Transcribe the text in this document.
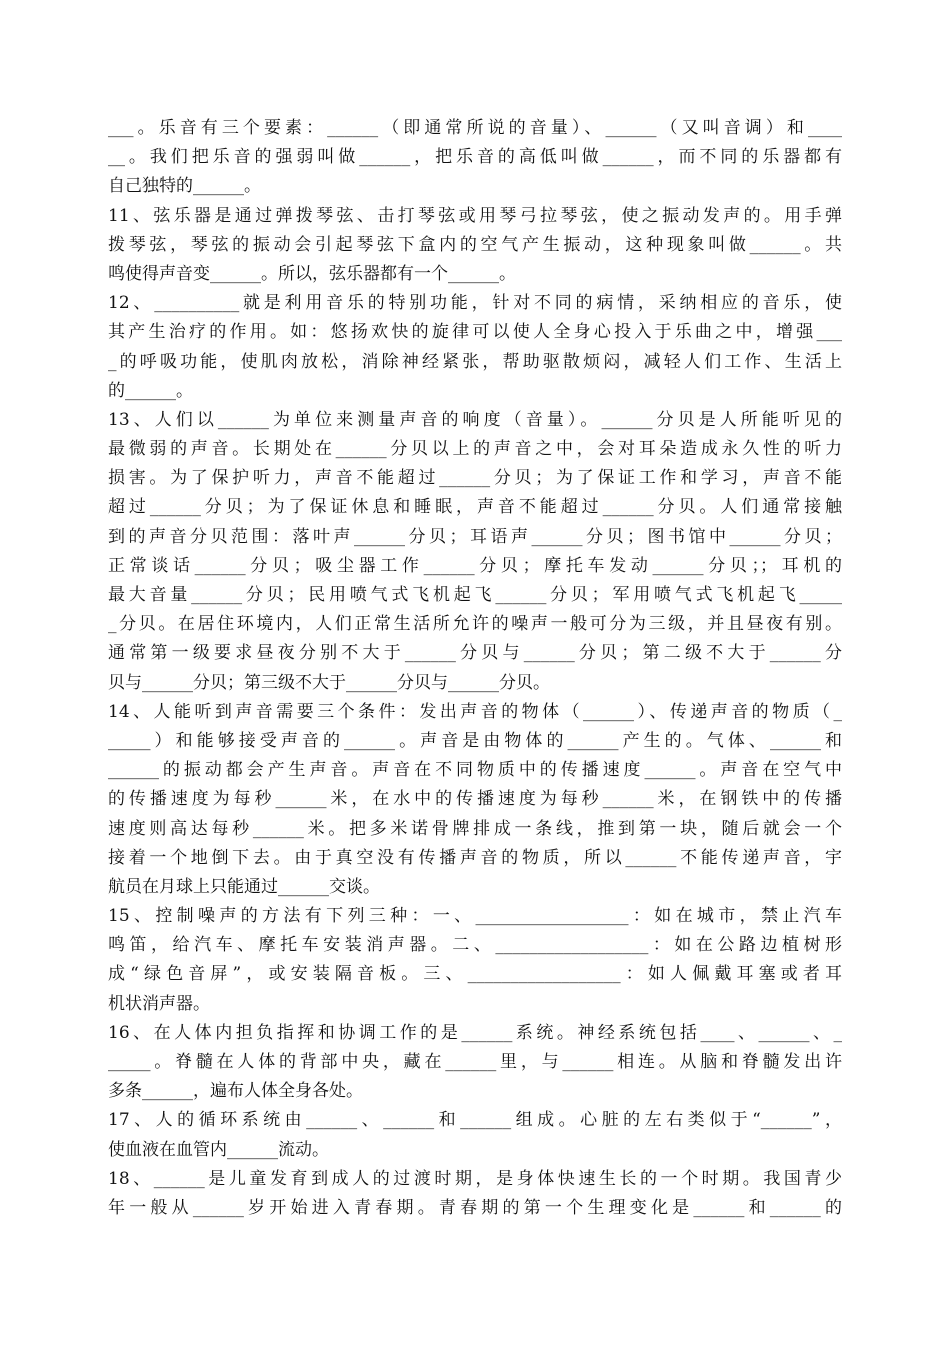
___。乐音有三个要素：______（即通常所说的音量）、______（又叫音调）和____
__。我们把乐音的强弱叫做______，把乐音的高低叫做______，而不同的乐器都有
自己独特的______。
11、弦乐器是通过弹拨琴弦、击打琴弦或用琴弓拉琴弦，使之振动发声的。用手弹
拨琴弦，琴弦的振动会引起琴弦下盒内的空气产生振动，这种现象叫做______。共
鸣使得声音变______。所以，弦乐器都有一个______。
12、__________就是利用音乐的特别功能，针对不同的病情，采纳相应的音乐，使
其产生治疗的作用。如：悠扬欢快的旋律可以使人全身心投入于乐曲之中，增强___
_的呼吸功能，使肌肉放松，消除神经紧张，帮助驱散烦闷，减轻人们工作、生活上
的______。
13、人们以______为单位来测量声音的响度（音量）。______分贝是人所能听见的
最微弱的声音。长期处在______分贝以上的声音之中，会对耳朵造成永久性的听力
损害。为了保护听力，声音不能超过______分贝；为了保证工作和学习，声音不能
超过______分贝；为了保证休息和睡眠，声音不能超过______分贝。人们通常接触
到的声音分贝范围：落叶声______分贝；耳语声______分贝；图书馆中______分贝；
正常谈话______分贝；吸尘器工作______分贝；摩托车发动______分贝；；耳机的
最大音量______分贝；民用喷气式飞机起飞______分贝；军用喷气式飞机起飞_____
_分贝。在居住环境内，人们正常生活所允许的噪声一般可分为三级，并且昼夜有别。
通常第一级要求昼夜分别不大于______分贝与______分贝；第二级不大于______分
贝与______分贝；第三级不大于______分贝与______分贝。
14、人能听到声音需要三个条件：发出声音的物体（______）、传递声音的物质（_
_____）和能够接受声音的______。声音是由物体的______产生的。气体、______和
______的振动都会产生声音。声音在不同物质中的传播速度______。声音在空气中
的传播速度为每秒______米，在水中的传播速度为每秒______米，在钢铁中的传播
速度则高达每秒______米。把多米诺骨牌排成一条线，推到第一块，随后就会一个
接着一个地倒下去。由于真空没有传播声音的物质，所以______不能传递声音，宇
航员在月球上只能通过______交谈。
15、控制噪声的方法有下列三种：一、__________________：如在城市，禁止汽车
鸣笛，给汽车、摩托车安装消声器。二、__________________：如在公路边植树形
成“绿色音屏”，或安装隔音板。三、__________________：如人佩戴耳塞或者耳
机状消声器。
16、在人体内担负指挥和协调工作的是______系统。神经系统包括____、______、_
_____。脊髓在人体的背部中央，藏在______里，与______相连。从脑和脊髓发出许
多条______，遍布人体全身各处。
17、人的循环系统由______、______和______组成。心脏的左右类似于“______”，
使血液在血管内______流动。
18、______是儿童发育到成人的过渡时期，是身体快速生长的一个时期。我国青少
年一般从______岁开始进入青春期。青春期的第一个生理变化是______和______的
